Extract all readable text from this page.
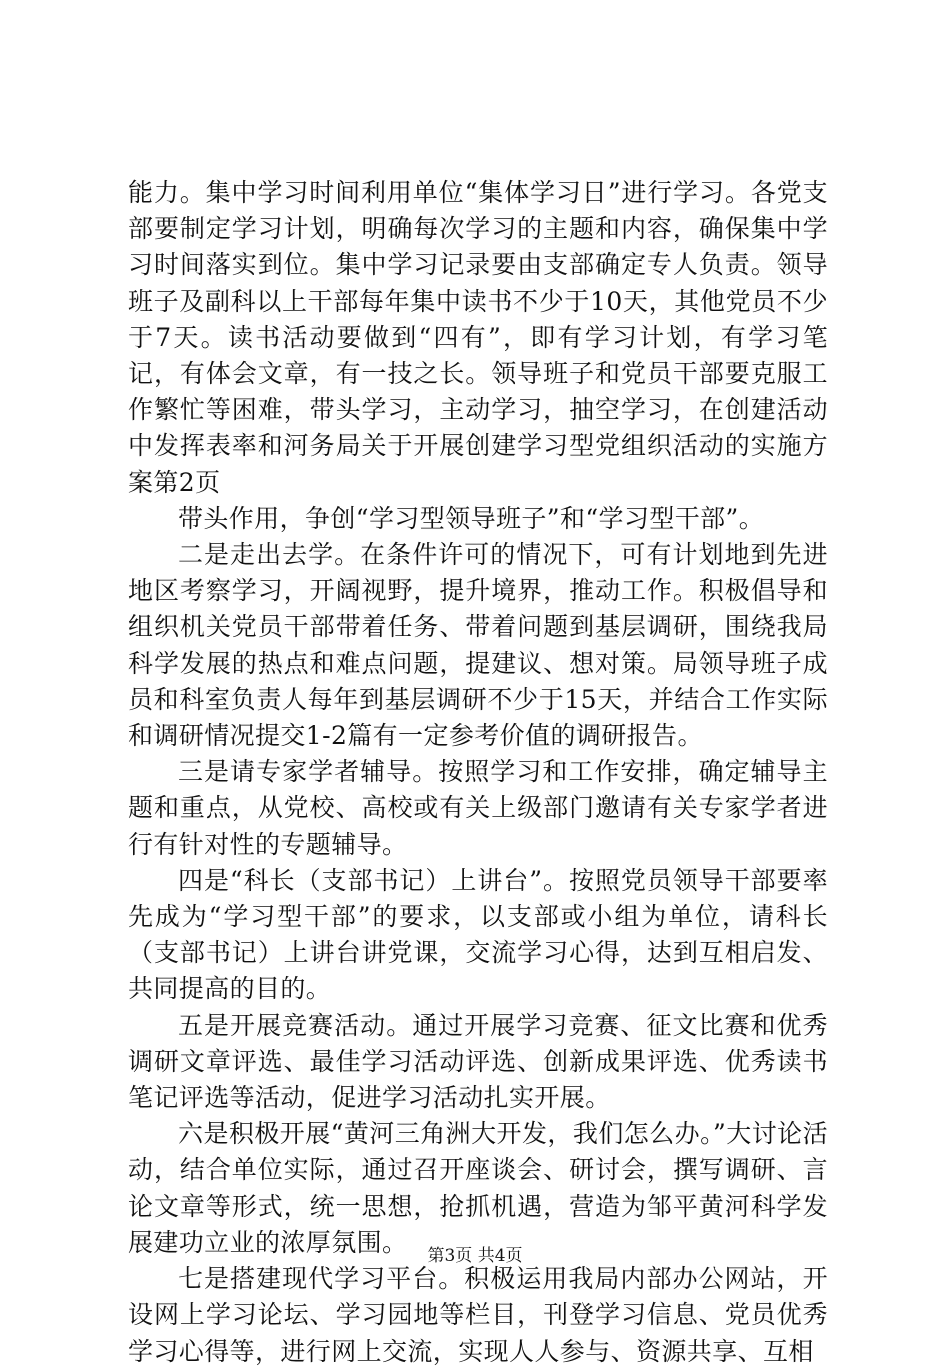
能力。集中学习时间利用单位“集体学习日”进行学习。各党支部要制定学习计划，明确每次学习的主题和内容，确保集中学习时间落实到位。集中学习记录要由支部确定专人负责。领导班子及副科以上干部每年集中读书不少于10天，其他党员不少于7天。读书活动要做到“四有”，即有学习计划，有学习笔记，有体会文章，有一技之长。领导班子和党员干部要克服工作繁忙等困难，带头学习，主动学习，抽空学习，在创建活动中发挥表率和河务局关于开展创建学习型党组织活动的实施方案第2页

带头作用，争创“学习型领导班子”和“学习型干部”。

二是走出去学。在条件许可的情况下，可有计划地到先进地区考察学习，开阔视野，提升境界，推动工作。积极倡导和组织机关党员干部带着任务、带着问题到基层调研，围绕我局科学发展的热点和难点问题，提建议、想对策。局领导班子成员和科室负责人每年到基层调研不少于15天，并结合工作实际和调研情况提交1-2篇有一定参考价值的调研报告。

三是请专家学者辅导。按照学习和工作安排，确定辅导主题和重点，从党校、高校或有关上级部门邀请有关专家学者进行有针对性的专题辅导。

四是“科长（支部书记）上讲台”。按照党员领导干部要率先成为“学习型干部”的要求，以支部或小组为单位，请科长（支部书记）上讲台讲党课，交流学习心得，达到互相启发、共同提高的目的。

五是开展竞赛活动。通过开展学习竞赛、征文比赛和优秀调研文章评选、最佳学习活动评选、创新成果评选、优秀读书笔记评选等活动，促进学习活动扎实开展。

六是积极开展“黄河三角洲大开发，我们怎么办。”大讨论活动，结合单位实际，通过召开座谈会、研讨会，撰写调研、言论文章等形式，统一思想，抢抓机遇，营造为邹平黄河科学发展建功立业的浓厚氛围。

七是搭建现代学习平台。积极运用我局内部办公网站，开设网上学习论坛、学习园地等栏目，刊登学习信息、党员优秀学习心得等，进行网上交流，实现人人参与、资源共享、互相

第3页 共4页
